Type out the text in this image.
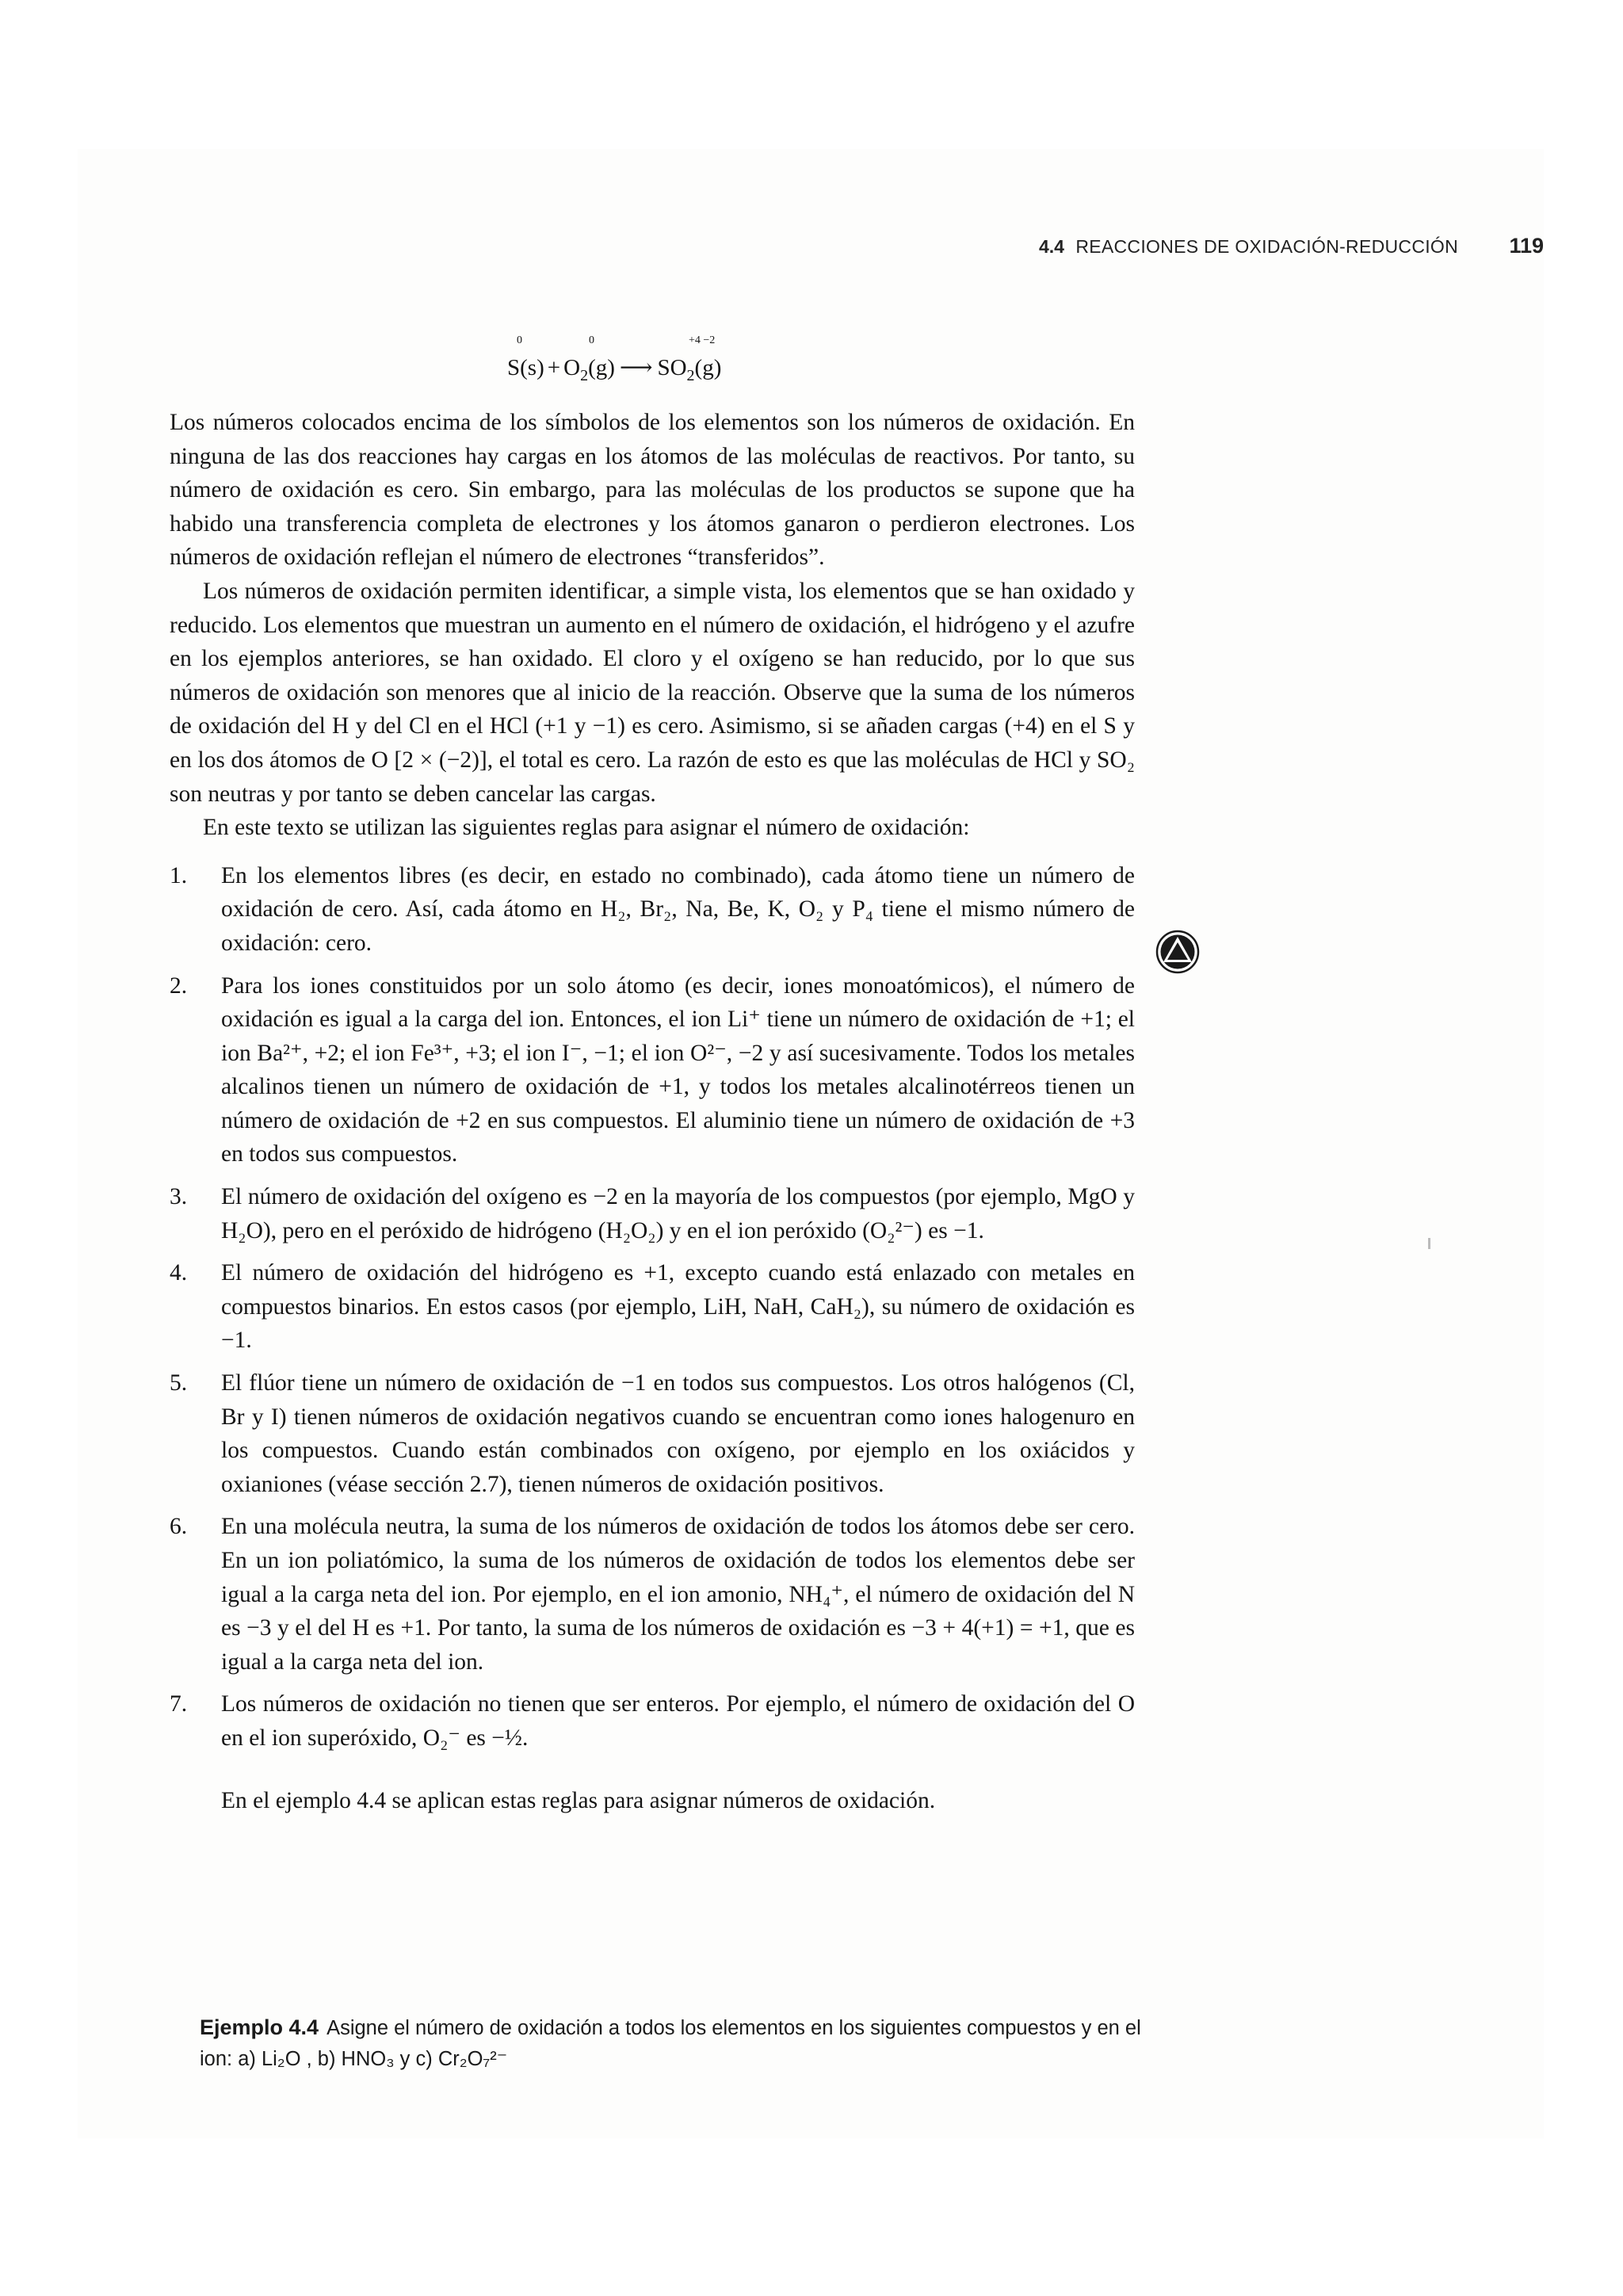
4.4 REACCIONES DE OXIDACIÓN-REDUCCIÓN 119
0	0	+4 −2
$S(s) + O_2(g)$ ⟶ $SO_2(g)$

Los números colocados encima de los símbolos de los elementos son los números de oxidación. En ninguna de las dos reacciones hay cargas en los átomos de las moléculas de reactivos. Por tanto, su número de oxidación es cero. Sin embargo, para las moléculas de los productos se supone que ha habido una transferencia completa de electrones y los átomos ganaron o perdieron electrones. Los números de oxidación reflejan el número de electrones “transferidos”.

Los números de oxidación permiten identificar, a simple vista, los elementos que se han oxidado y reducido. Los elementos que muestran un aumento en el número de oxidación, el hidrógeno y el azufre en los ejemplos anteriores, se han oxidado. El cloro y el oxígeno se han reducido, por lo que sus números de oxidación son menores que al inicio de la reacción. Observe que la suma de los números de oxidación del H y del Cl en el HCl (+1 y −1) es cero. Asimismo, si se añaden cargas (+4) en el S y en los dos átomos de O [2 × (−2)], el total es cero. La razón de esto es que las moléculas de HCl y SO₂ son neutras y por tanto se deben cancelar las cargas.

En este texto se utilizan las siguientes reglas para asignar el número de oxidación:

1. En los elementos libres (es decir, en estado no combinado), cada átomo tiene un número de oxidación de cero. Así, cada átomo en H₂, Br₂, Na, Be, K, O₂ y P₄ tiene el mismo número de oxidación: cero.
2. Para los iones constituidos por un solo átomo (es decir, iones monoatómicos), el número de oxidación es igual a la carga del ion. Entonces, el ion Li⁺ tiene un número de oxidación de +1; el ion Ba²⁺, +2; el ion Fe³⁺, +3; el ion I⁻, −1; el ion O²⁻, −2 y así sucesivamente. Todos los metales alcalinos tienen un número de oxidación de +1, y todos los metales alcalinotérreos tienen un número de oxidación de +2 en sus compuestos. El aluminio tiene un número de oxidación de +3 en todos sus compuestos.
3. El número de oxidación del oxígeno es −2 en la mayoría de los compuestos (por ejemplo, MgO y H₂O), pero en el peróxido de hidrógeno (H₂O₂) y en el ion peróxido (O₂²⁻) es −1.
4. El número de oxidación del hidrógeno es +1, excepto cuando está enlazado con metales en compuestos binarios. En estos casos (por ejemplo, LiH, NaH, CaH₂), su número de oxidación es −1.
5. El flúor tiene un número de oxidación de −1 en todos sus compuestos. Los otros halógenos (Cl, Br y I) tienen números de oxidación negativos cuando se encuentran como iones halogenuro en los compuestos. Cuando están combinados con oxígeno, por ejemplo en los oxiácidos y oxianiones (véase sección 2.7), tienen números de oxidación positivos.
6. En una molécula neutra, la suma de los números de oxidación de todos los átomos debe ser cero. En un ion poliatómico, la suma de los números de oxidación de todos los elementos debe ser igual a la carga neta del ion. Por ejemplo, en el ion amonio, NH₄⁺, el número de oxidación del N es −3 y el del H es +1. Por tanto, la suma de los números de oxidación es −3 + 4(+1) = +1, que es igual a la carga neta del ion.
7. Los números de oxidación no tienen que ser enteros. Por ejemplo, el número de oxidación del O en el ion superóxido, O₂⁻ es −½.

En el ejemplo 4.4 se aplican estas reglas para asignar números de oxidación.

Ejemplo 4.4 Asigne el número de oxidación a todos los elementos en los siguientes compuestos y en el ion: a) Li₂O , b) HNO₃ y c) Cr₂O₇²⁻
